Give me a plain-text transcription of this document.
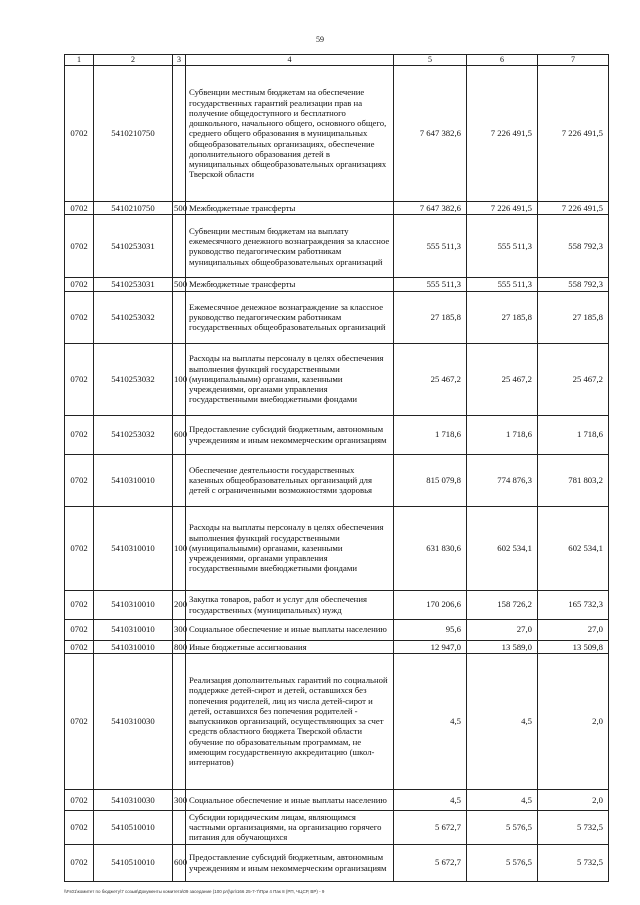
59
1	2	3	4	5	6	7
0702	5410210750		Субвенции местным бюджетам на обеспечение государственных гарантий реализации прав на получение общедоступного и бесплатного дошкольного, начального общего, основного общего, среднего общего образования в муниципальных общеобразовательных организациях, обеспечение дополнительного образования детей в муниципальных общеобразовательных организациях Тверской области	7 647 382,6	7 226 491,5	7 226 491,5
0702	5410210750	500	Межбюджетные трансферты	7 647 382,6	7 226 491,5	7 226 491,5
0702	5410253031		Субвенции местным бюджетам на выплату ежемесячного денежного вознаграждения за классное руководство педагогическим работникам муниципальных общеобразовательных организаций	555 511,3	555 511,3	558 792,3
0702	5410253031	500	Межбюджетные трансферты	555 511,3	555 511,3	558 792,3
0702	5410253032		Ежемесячное денежное вознаграждение за классное руководство педагогическим работникам государственных общеобразовательных организаций	27 185,8	27 185,8	27 185,8
0702	5410253032	100	Расходы на выплаты персоналу в целях обеспечения выполнения функций государственными (муниципальными) органами, казенными учреждениями, органами управления государственными внебюджетными фондами	25 467,2	25 467,2	25 467,2
0702	5410253032	600	Предоставление субсидий бюджетным, автономным учреждениям и иным некоммерческим организациям	1 718,6	1 718,6	1 718,6
0702	5410310010		Обеспечение деятельности государственных казенных общеобразовательных организаций для детей с ограниченными возможностями здоровья	815 079,8	774 876,3	781 803,2
0702	5410310010	100	Расходы на выплаты персоналу в целях обеспечения выполнения функций государственными (муниципальными) органами, казенными учреждениями, органами управления государственными внебюджетными фондами	631 830,6	602 534,1	602 534,1
0702	5410310010	200	Закупка товаров, работ и услуг для обеспечения государственных (муниципальных) нужд	170 206,6	158 726,2	165 732,3
0702	5410310010	300	Социальное обеспечение и иные выплаты населению	95,6	27,0	27,0
0702	5410310010	800	Иные бюджетные ассигнования	12 947,0	13 589,0	13 509,8
0702	5410310030		Реализация дополнительных гарантий по социальной поддержке детей-сирот и детей, оставшихся без попечения родителей, лиц из числа детей-сирот и детей, оставшихся без попечения родителей - выпускников организаций, осуществляющих за счет средств областного бюджета Тверской области обучение по образовательным программам, не имеющим государственную аккредитацию (школ-интернатов)	4,5	4,5	2,0
0702	5410310030	300	Социальное обеспечение и иные выплаты населению	4,5	4,5	2,0
0702	5410510010		Субсидии юридическим лицам, являющимся частными организациями, на организацию горячего питания для обучающихся	5 672,7	5 576,5	5 732,5
0702	5410510010	600	Предоставление субсидий бюджетным, автономным учреждениям и иным некоммерческим организациям	5 672,7	5 576,5	5 732,5
\\Fs01\комитет по бюджету\7 созыв\Документы комитета\09 заседание (100 рл)\рл\166 25-7-7\При 4 Пак 8 (РП, ЧЦСР, ВР) - 9
